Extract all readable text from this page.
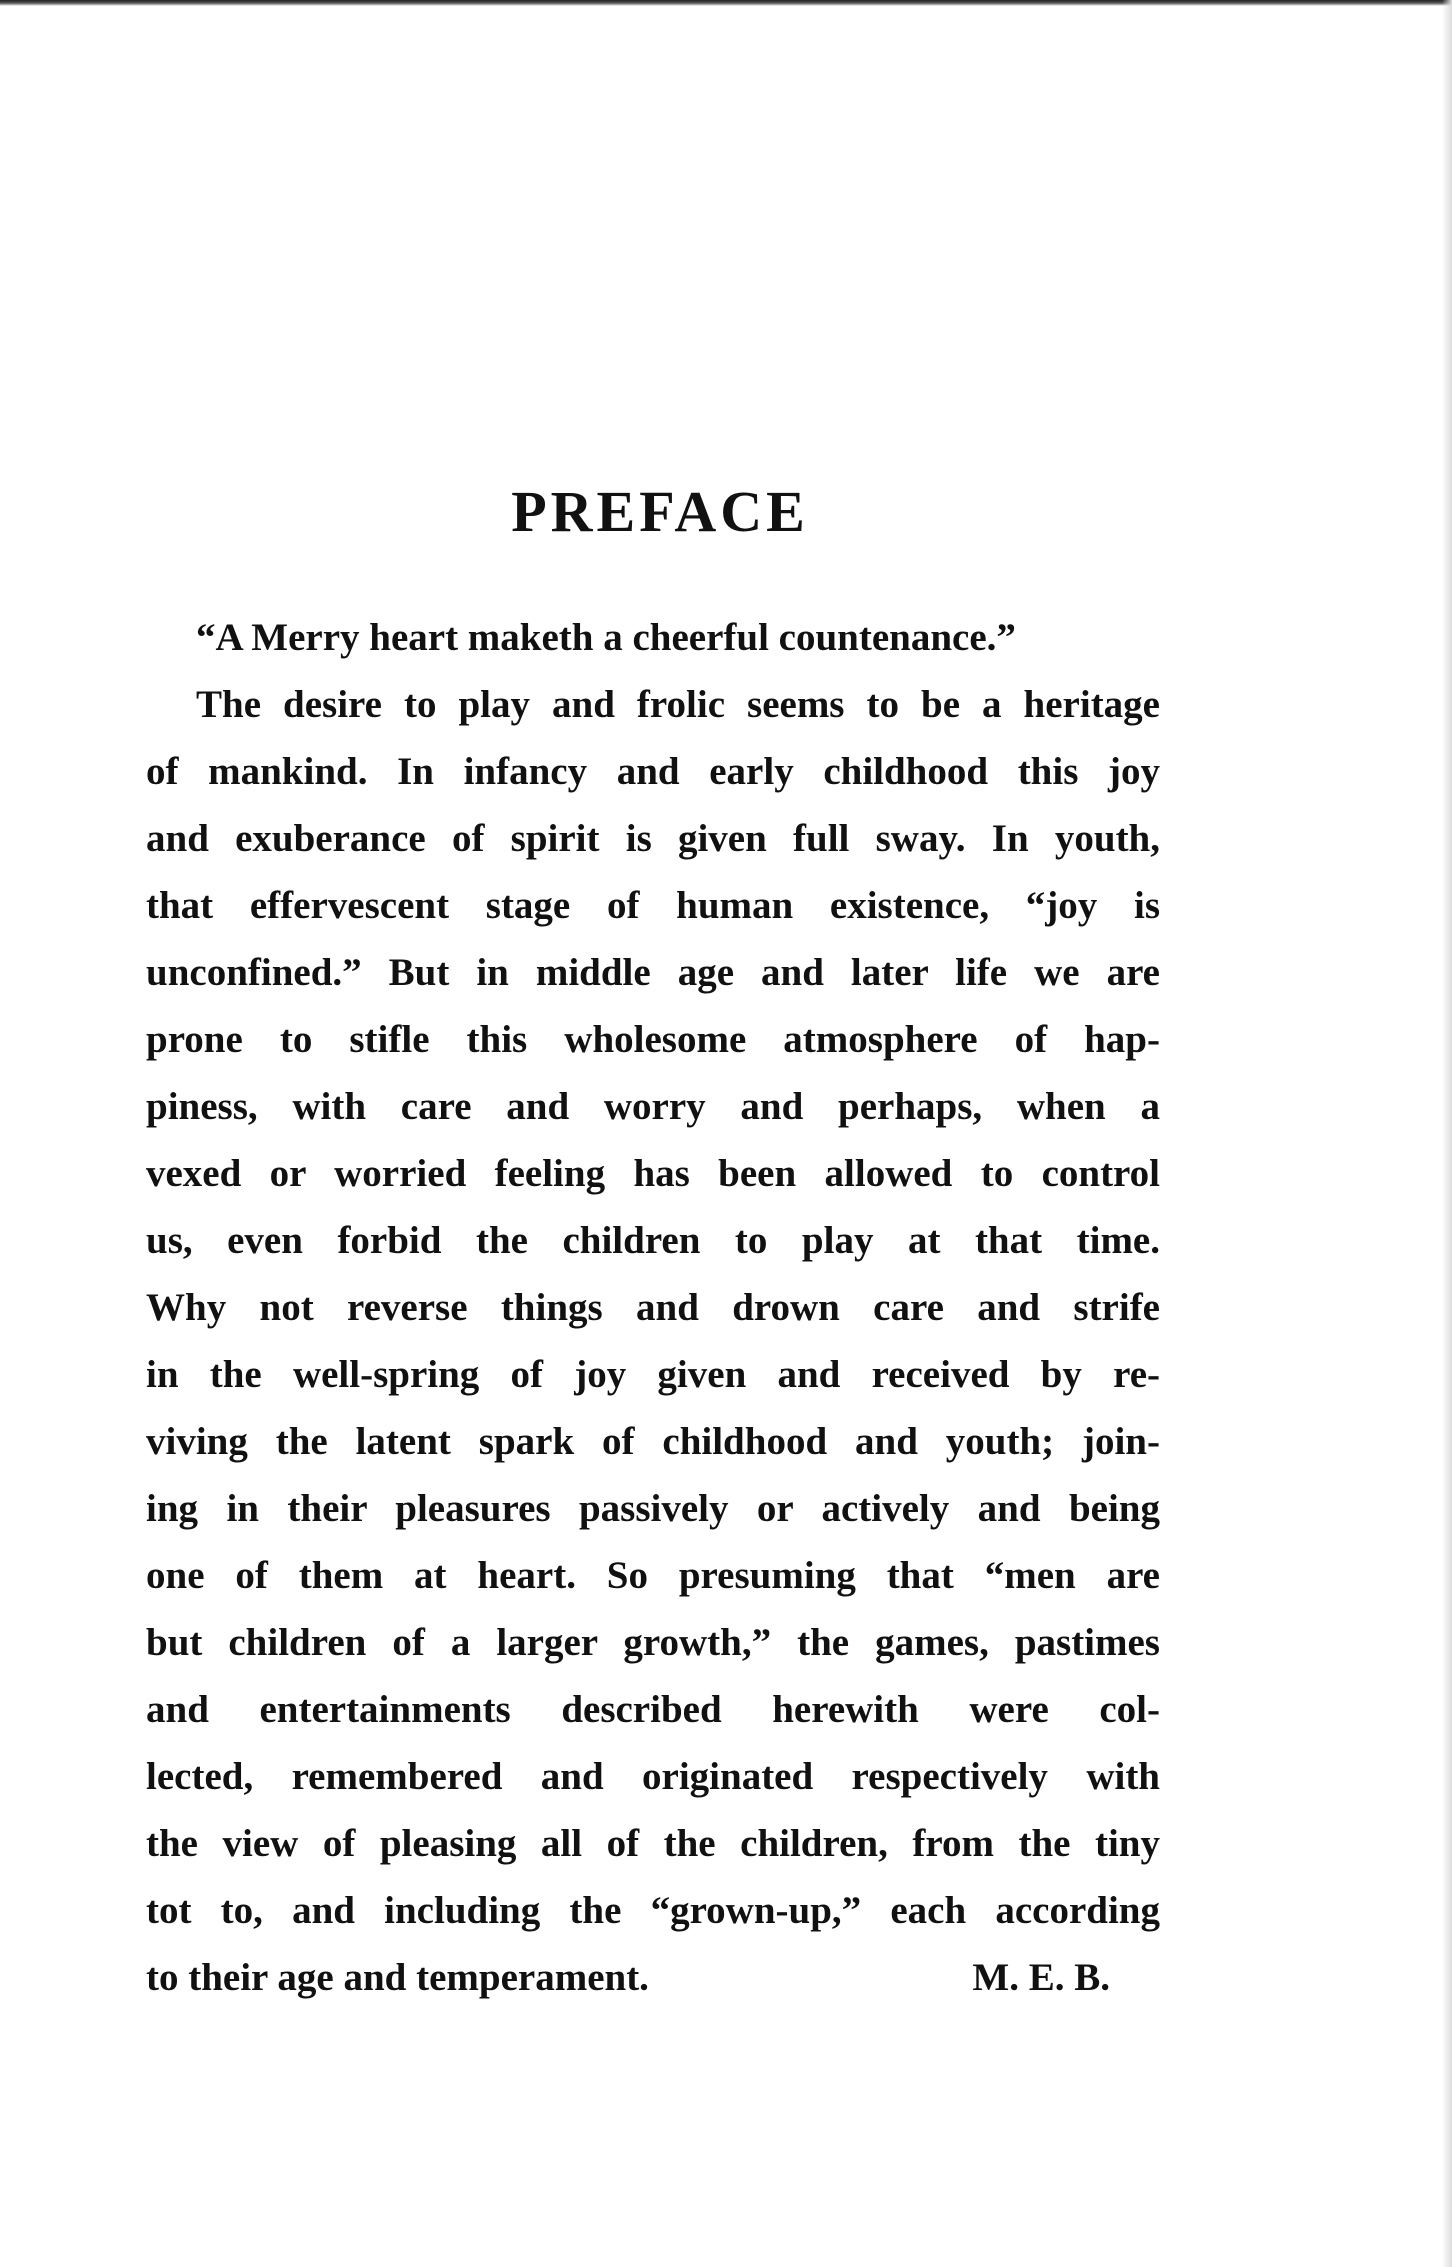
PREFACE
“A Merry heart maketh a cheerful countenance.”
The desire to play and frolic seems to be a heritage
of mankind. In infancy and early childhood this joy
and exuberance of spirit is given full sway. In youth,
that effervescent stage of human existence, “joy is
unconfined.” But in middle age and later life we are
prone to stifle this wholesome atmosphere of hap-
piness, with care and worry and perhaps, when a
vexed or worried feeling has been allowed to control
us, even forbid the children to play at that time.
Why not reverse things and drown care and strife
in the well-spring of joy given and received by re-
viving the latent spark of childhood and youth; join-
ing in their pleasures passively or actively and being
one of them at heart. So presuming that “men are
but children of a larger growth,” the games, pastimes
and entertainments described herewith were col-
lected, remembered and originated respectively with
the view of pleasing all of the children, from the tiny
tot to, and including the “grown-up,” each according
to their age and temperament.	M. E. B.
